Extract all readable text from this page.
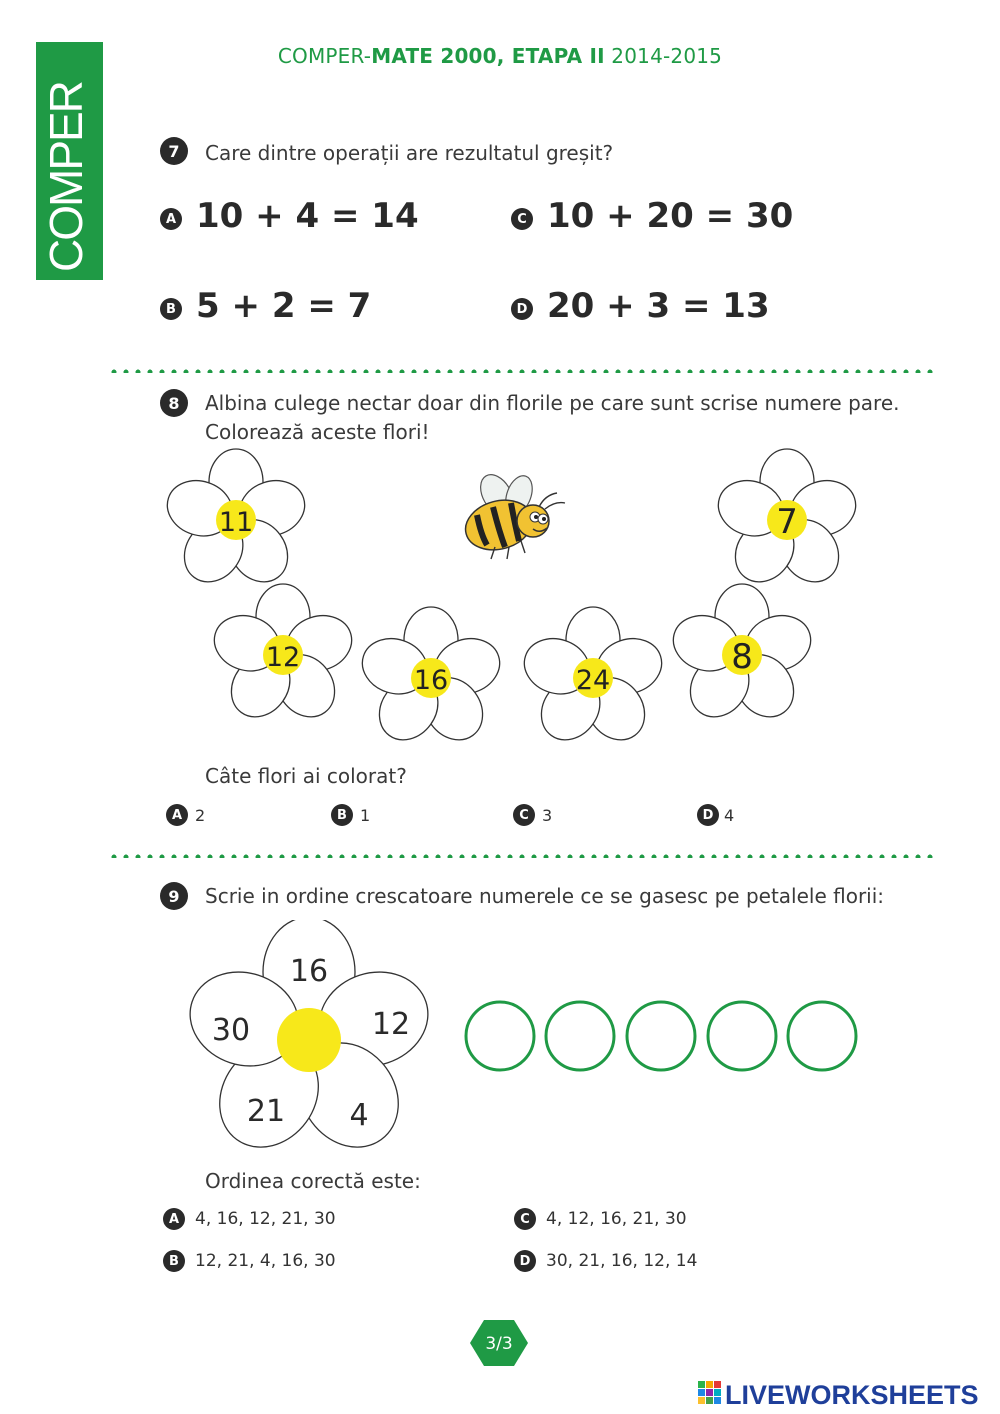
COMPER
COMPER-MATE 2000, ETAPA II 2014-2015
7	Care dintre operații are rezultatul greșit?
A 10 + 4 = 14
B 5 + 2 = 7
C 10 + 20 = 30
D 20 + 3 = 13
8	Albina culege nectar doar din florile pe care sunt scrise numere pare.
Colorează aceste flori!
11	7
12
16	24
8
Câte flori ai colorat?
A 2	B 1	C 3	D 4
9	Scrie in ordine crescatoare numerele ce se gasesc pe petalele florii:
16
12
4
21
30
Ordinea corectă este:
A 4, 16, 12, 21, 30
B 12, 21, 4, 16, 30
C 4, 12, 16, 21, 30
D 30, 21, 16, 12, 14
3/3
LIVEWORKSHEETS
